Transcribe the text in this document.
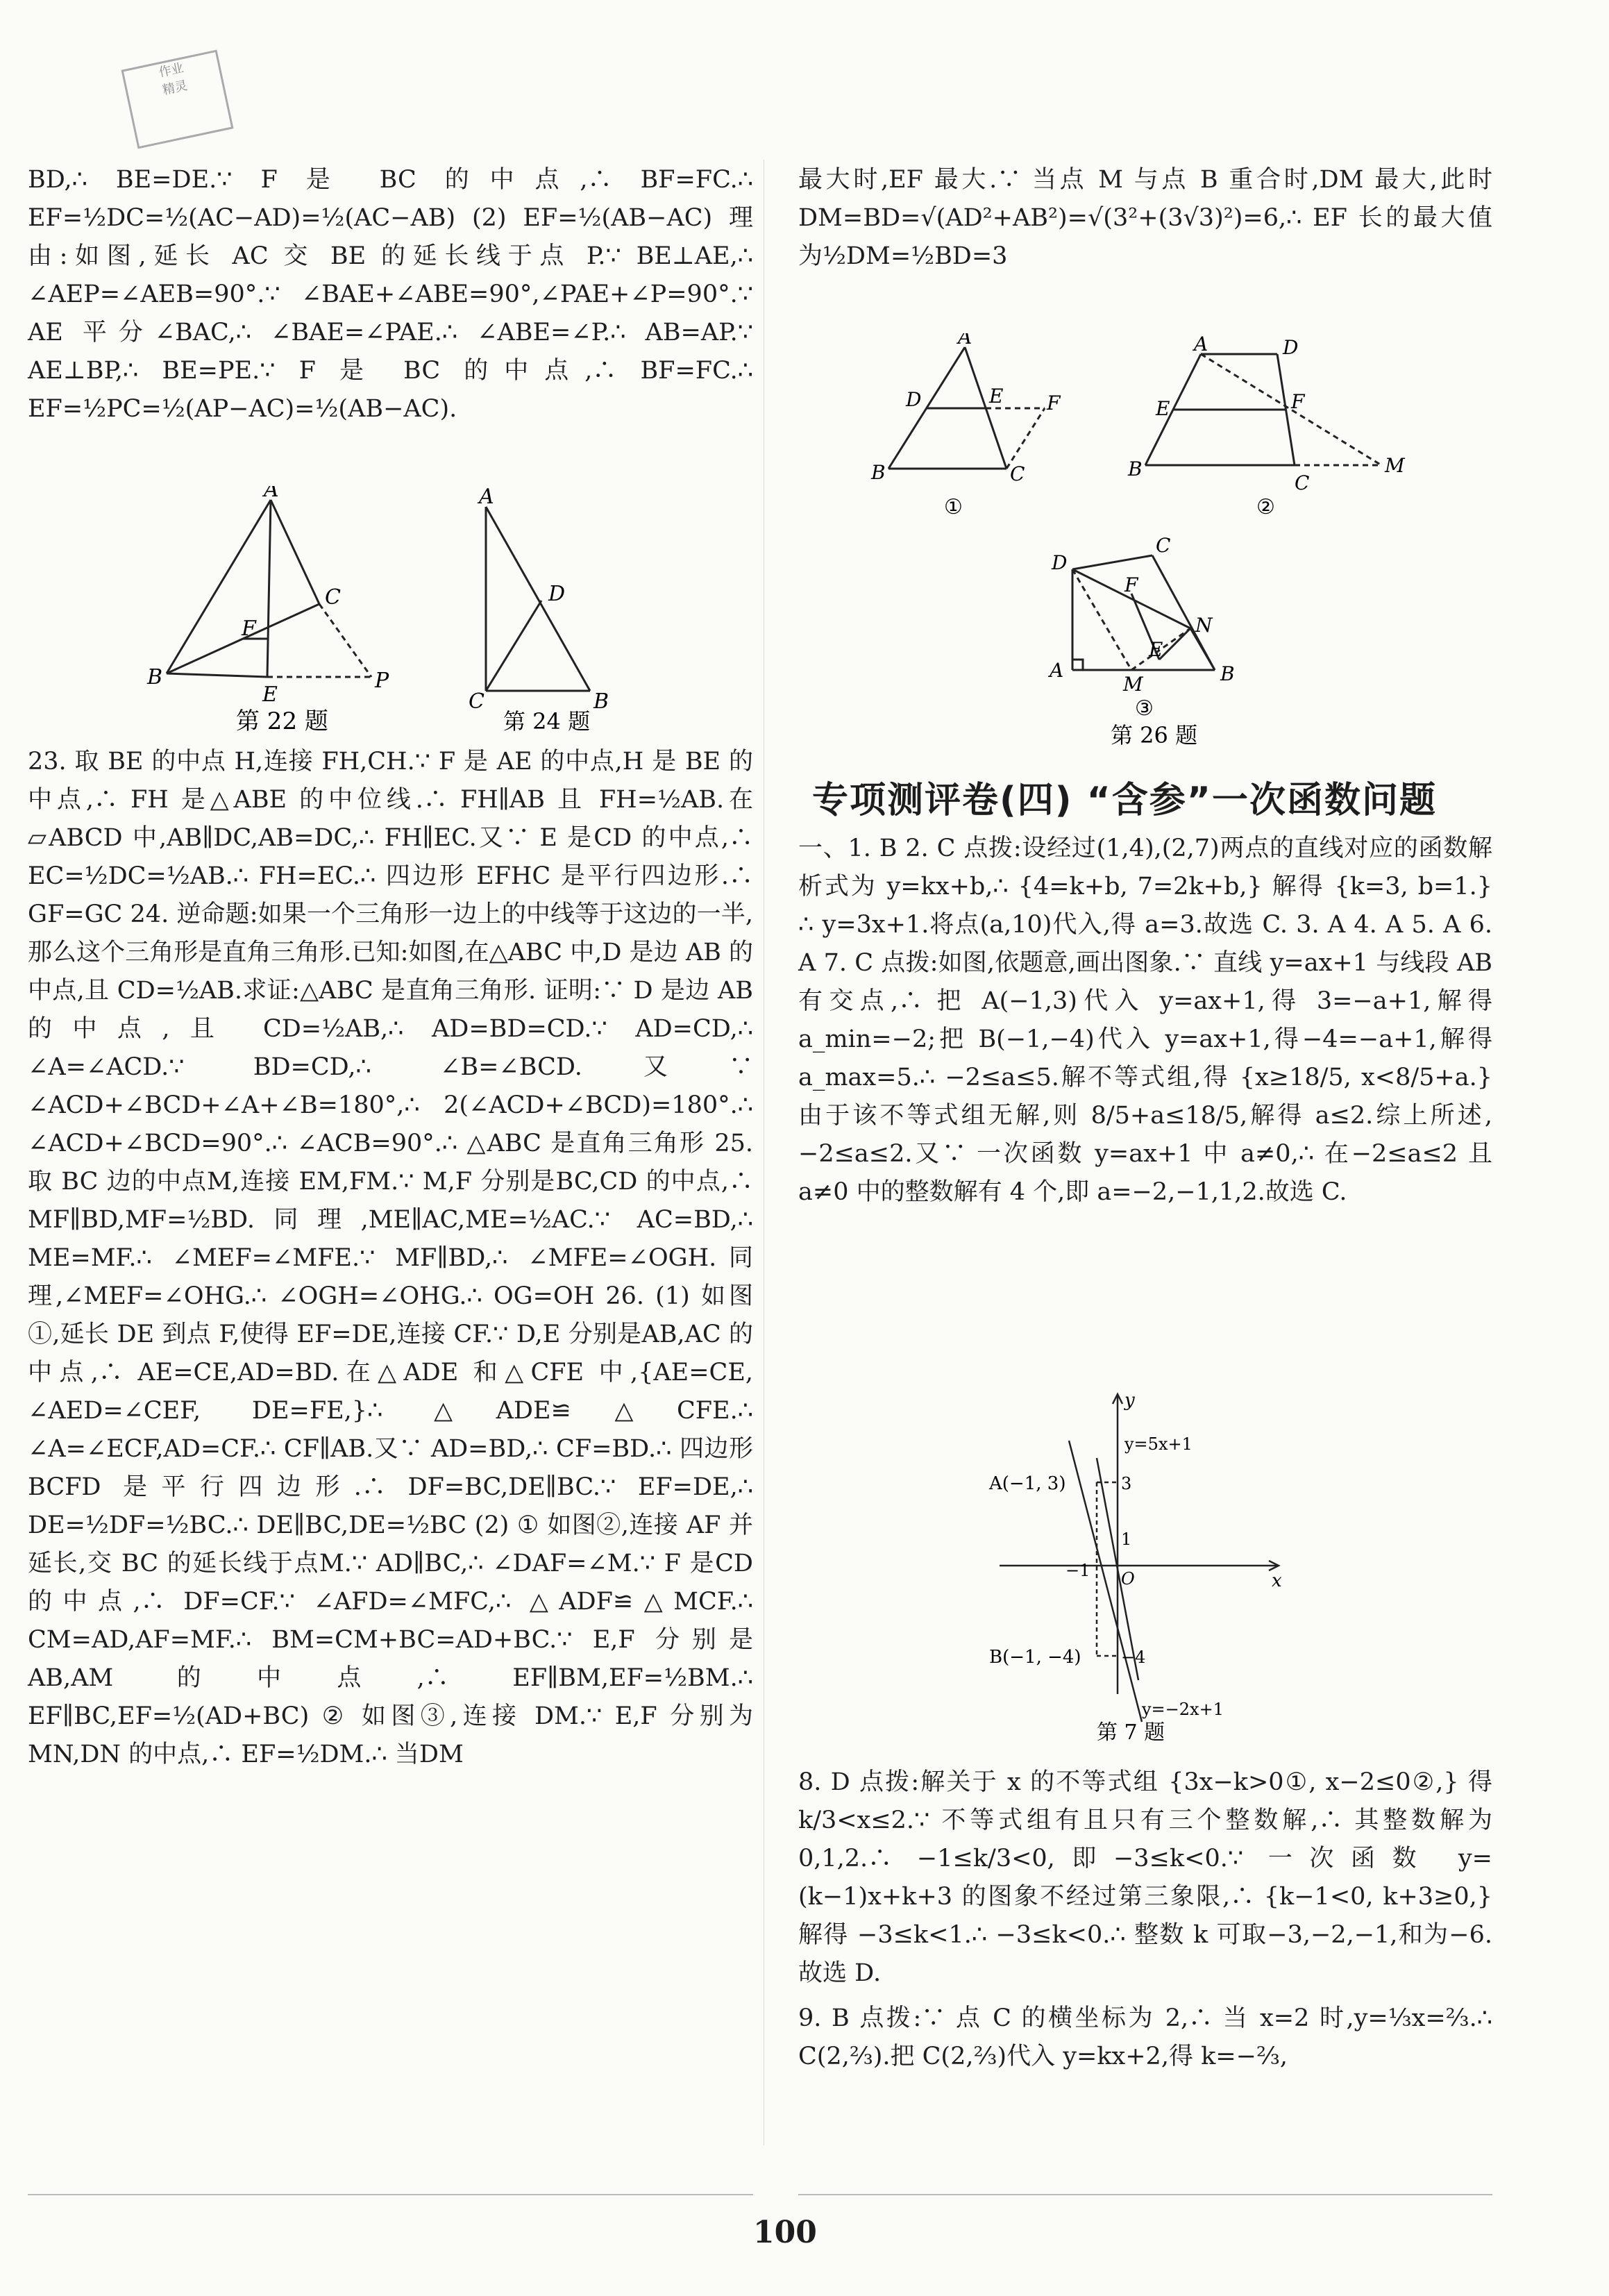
作业
精灵

BD,∴ BE=DE.∵ F 是 BC 的中点,∴ BF=FC.∴ EF=½DC=½(AC−AD)=½(AC−AB) (2) EF=½(AB−AC) 理由:如图,延长 AC 交 BE 的延长线于点 P.∵ BE⊥AE,∴ ∠AEP=∠AEB=90°.∵ ∠BAE+∠ABE=90°,∠PAE+∠P=90°.∵ AE 平分∠BAC,∴ ∠BAE=∠PAE.∴ ∠ABE=∠P.∴ AB=AP.∵ AE⊥BP,∴ BE=PE.∵ F 是 BC 的中点,∴ BF=FC.∴ EF=½PC=½(AP−AC)=½(AB−AC).

A
B
C
E
F
P
第 22 题
A
B
C
D
第 24 题

23. 取 BE 的中点 H,连接 FH,CH.∵ F 是 AE 的中点,H 是 BE 的中点,∴ FH 是△ABE 的中位线.∴ FH∥AB 且 FH=½AB.在▱ABCD 中,AB∥DC,AB=DC,∴ FH∥EC.又∵ E 是CD 的中点,∴ EC=½DC=½AB.∴ FH=EC.∴ 四边形 EFHC 是平行四边形.∴ GF=GC 24. 逆命题:如果一个三角形一边上的中线等于这边的一半,那么这个三角形是直角三角形.已知:如图,在△ABC 中,D 是边 AB 的中点,且 CD=½AB.求证:△ABC 是直角三角形. 证明:∵ D 是边 AB 的中点,且 CD=½AB,∴ AD=BD=CD.∵ AD=CD,∴ ∠A=∠ACD.∵ BD=CD,∴ ∠B=∠BCD.又∵ ∠ACD+∠BCD+∠A+∠B=180°,∴ 2(∠ACD+∠BCD)=180°.∴ ∠ACD+∠BCD=90°.∴ ∠ACB=90°.∴ △ABC 是直角三角形 25. 取 BC 边的中点M,连接 EM,FM.∵ M,F 分别是BC,CD 的中点,∴ MF∥BD,MF=½BD.同理,ME∥AC,ME=½AC.∵ AC=BD,∴ ME=MF.∴ ∠MEF=∠MFE.∵ MF∥BD,∴ ∠MFE=∠OGH.同理,∠MEF=∠OHG.∴ ∠OGH=∠OHG.∴ OG=OH 26. (1) 如图①,延长 DE 到点 F,使得 EF=DE,连接 CF.∵ D,E 分别是AB,AC 的中点,∴ AE=CE,AD=BD.在△ADE 和△CFE 中,{AE=CE, ∠AED=∠CEF, DE=FE,}∴ △ADE≌△CFE.∴ ∠A=∠ECF,AD=CF.∴ CF∥AB.又∵ AD=BD,∴ CF=BD.∴ 四边形 BCFD 是平行四边形.∴ DF=BC,DE∥BC.∵ EF=DE,∴ DE=½DF=½BC.∴ DE∥BC,DE=½BC (2) ① 如图②,连接 AF 并延长,交 BC 的延长线于点M.∵ AD∥BC,∴ ∠DAF=∠M.∵ F 是CD 的中点,∴ DF=CF.∵ ∠AFD=∠MFC,∴ △ADF≌△MCF.∴ CM=AD,AF=MF.∴ BM=CM+BC=AD+BC.∵ E,F 分别是AB,AM 的中点,∴ EF∥BM,EF=½BM.∴ EF∥BC,EF=½(AD+BC) ② 如图③,连接 DM.∵ E,F 分别为MN,DN 的中点,∴ EF=½DM.∴ 当DM

最大时,EF 最大.∵ 当点 M 与点 B 重合时,DM 最大,此时 DM=BD=√(AD²+AB²)=√(3²+(3√3)²)=6,∴ EF 长的最大值为½DM=½BD=3

A
B	C
D	E F
①
A
B
C
D
E	F
M
②
D
A	B
C
F
E
M
N
③
第 26 题
专项测评卷(四) “含参”一次函数问题

一、1. B 2. C 点拨:设经过(1,4),(2,7)两点的直线对应的函数解析式为 y=kx+b,∴ {4=k+b, 7=2k+b,} 解得 {k=3, b=1.} ∴ y=3x+1.将点(a,10)代入,得 a=3.故选 C. 3. A 4. A 5. A 6. A 7. C 点拨:如图,依题意,画出图象.∵ 直线 y=ax+1 与线段 AB 有交点,∴ 把 A(−1,3)代入 y=ax+1,得 3=−a+1,解得 a_min=−2;把 B(−1,−4)代入 y=ax+1,得−4=−a+1,解得 a_max=5.∴ −2≤a≤5.解不等式组,得 {x≥18/5, x<8/5+a.} 由于该不等式组无解,则 8/5+a≤18/5,解得 a≤2.综上所述,−2≤a≤2.又∵ 一次函数 y=ax+1 中 a≠0,∴ 在−2≤a≤2 且 a≠0 中的整数解有 4 个,即 a=−2,−1,1,2.故选 C.

y
x
y=5x+1
y=−2x+1
A(−1, 3)
B(−1, −4)
3
1
−4
−1 O
第 7 题

8. D 点拨:解关于 x 的不等式组 {3x−k>0①, x−2≤0②,} 得 k/3<x≤2.∵ 不等式组有且只有三个整数解,∴ 其整数解为 0,1,2.∴ −1≤k/3<0,即−3≤k<0.∵ 一次函数 y=(k−1)x+k+3 的图象不经过第三象限,∴ {k−1<0, k+3≥0,} 解得 −3≤k<1.∴ −3≤k<0.∴ 整数 k 可取−3,−2,−1,和为−6.故选 D.

9. B 点拨:∵ 点 C 的横坐标为 2,∴ 当 x=2 时,y=⅓x=⅔.∴ C(2,⅔).把 C(2,⅔)代入 y=kx+2,得 k=−⅔,

100
